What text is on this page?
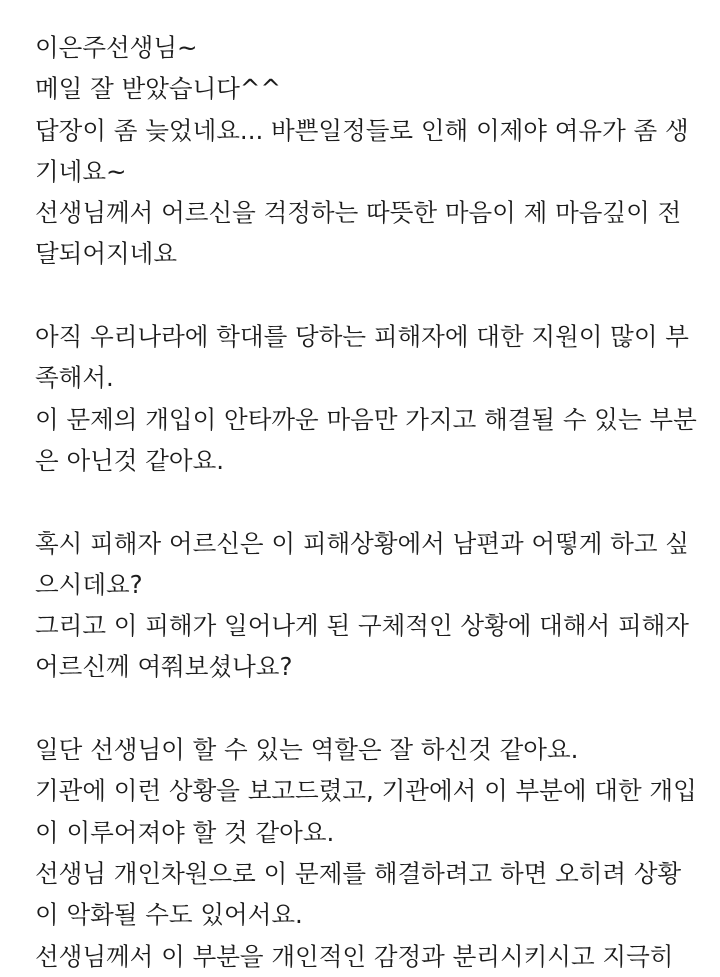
이은주선생님~
메일 잘 받았습니다^^
답장이 좀 늦었네요... 바쁜일정들로 인해 이제야 여유가 좀 생
기네요~
선생님께서 어르신을 걱정하는 따뜻한 마음이 제 마음깊이 전
달되어지네요
아직 우리나라에 학대를 당하는 피해자에 대한 지원이 많이 부
족해서.
이 문제의 개입이 안타까운 마음만 가지고 해결될 수 있는 부분
은 아닌것 같아요.
혹시 피해자 어르신은 이 피해상황에서 남편과 어떻게 하고 싶
으시데요?
그리고 이 피해가 일어나게 된 구체적인 상황에 대해서 피해자
어르신께 여쭤보셨나요?
일단 선생님이 할 수 있는 역할은 잘 하신것 같아요.
기관에 이런 상황을 보고드렸고, 기관에서 이 부분에 대한 개입
이 이루어져야 할 것 같아요.
선생님 개인차원으로 이 문제를 해결하려고 하면 오히려 상황
이 악화될 수도 있어서요.
선생님께서 이 부분을 개인적인 감정과 분리시키시고 지극히
